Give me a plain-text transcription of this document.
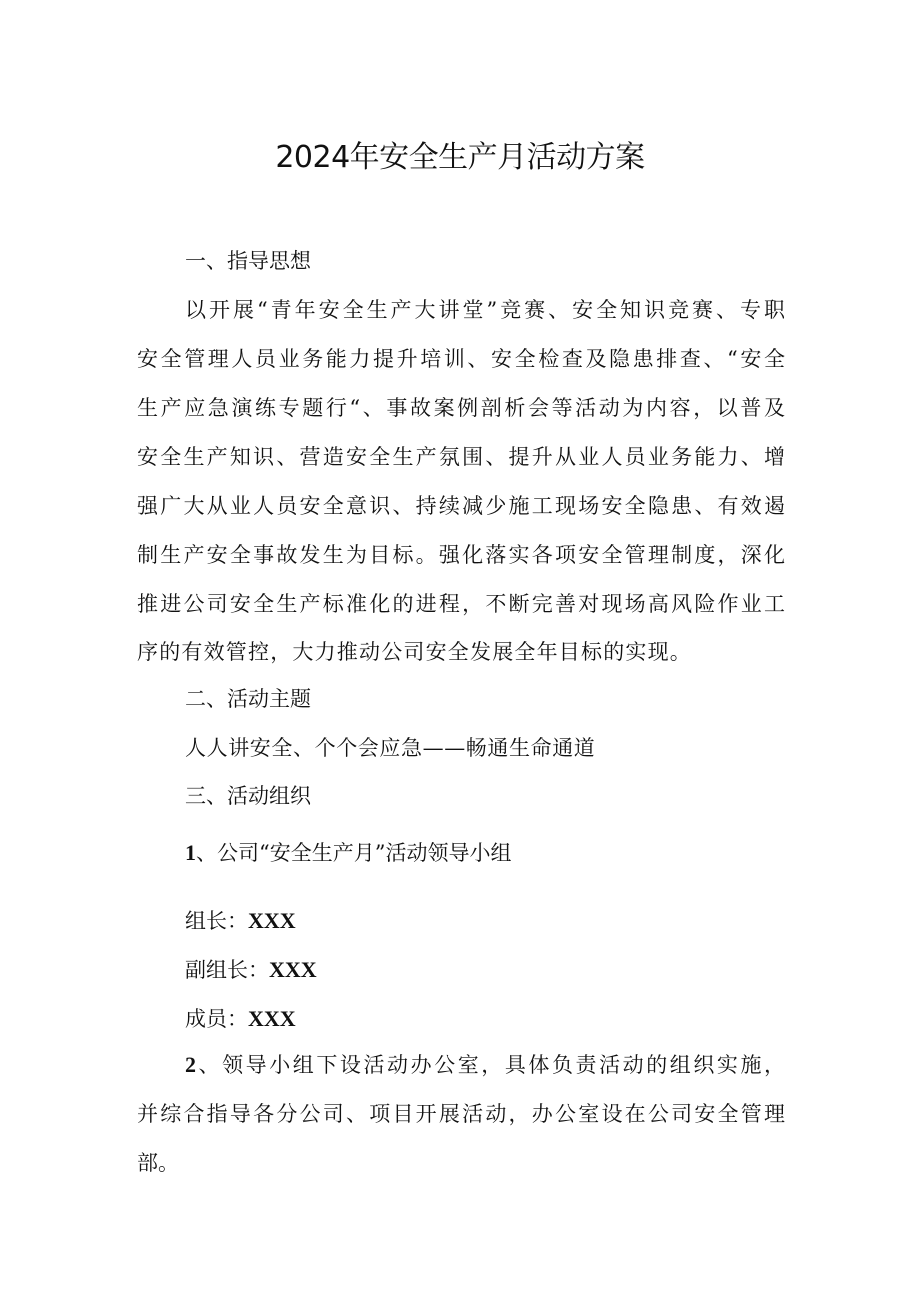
2024年安全生产月活动方案
一、指导思想
以开展“青年安全生产大讲堂”竞赛、安全知识竞赛、专职
安全管理人员业务能力提升培训、安全检查及隐患排查、“安全
生产应急演练专题行“、事故案例剖析会等活动为内容，以普及
安全生产知识、营造安全生产氛围、提升从业人员业务能力、增
强广大从业人员安全意识、持续减少施工现场安全隐患、有效遏
制生产安全事故发生为目标。强化落实各项安全管理制度，深化
推进公司安全生产标准化的进程，不断完善对现场高风险作业工
序的有效管控，大力推动公司安全发展全年目标的实现。
二、活动主题
人人讲安全、个个会应急——畅通生命通道
三、活动组织
1、公司“安全生产月”活动领导小组
组长：XXX
副组长：XXX
成员：XXX
2、领导小组下设活动办公室，具体负责活动的组织实施，
并综合指导各分公司、项目开展活动，办公室设在公司安全管理
部。
